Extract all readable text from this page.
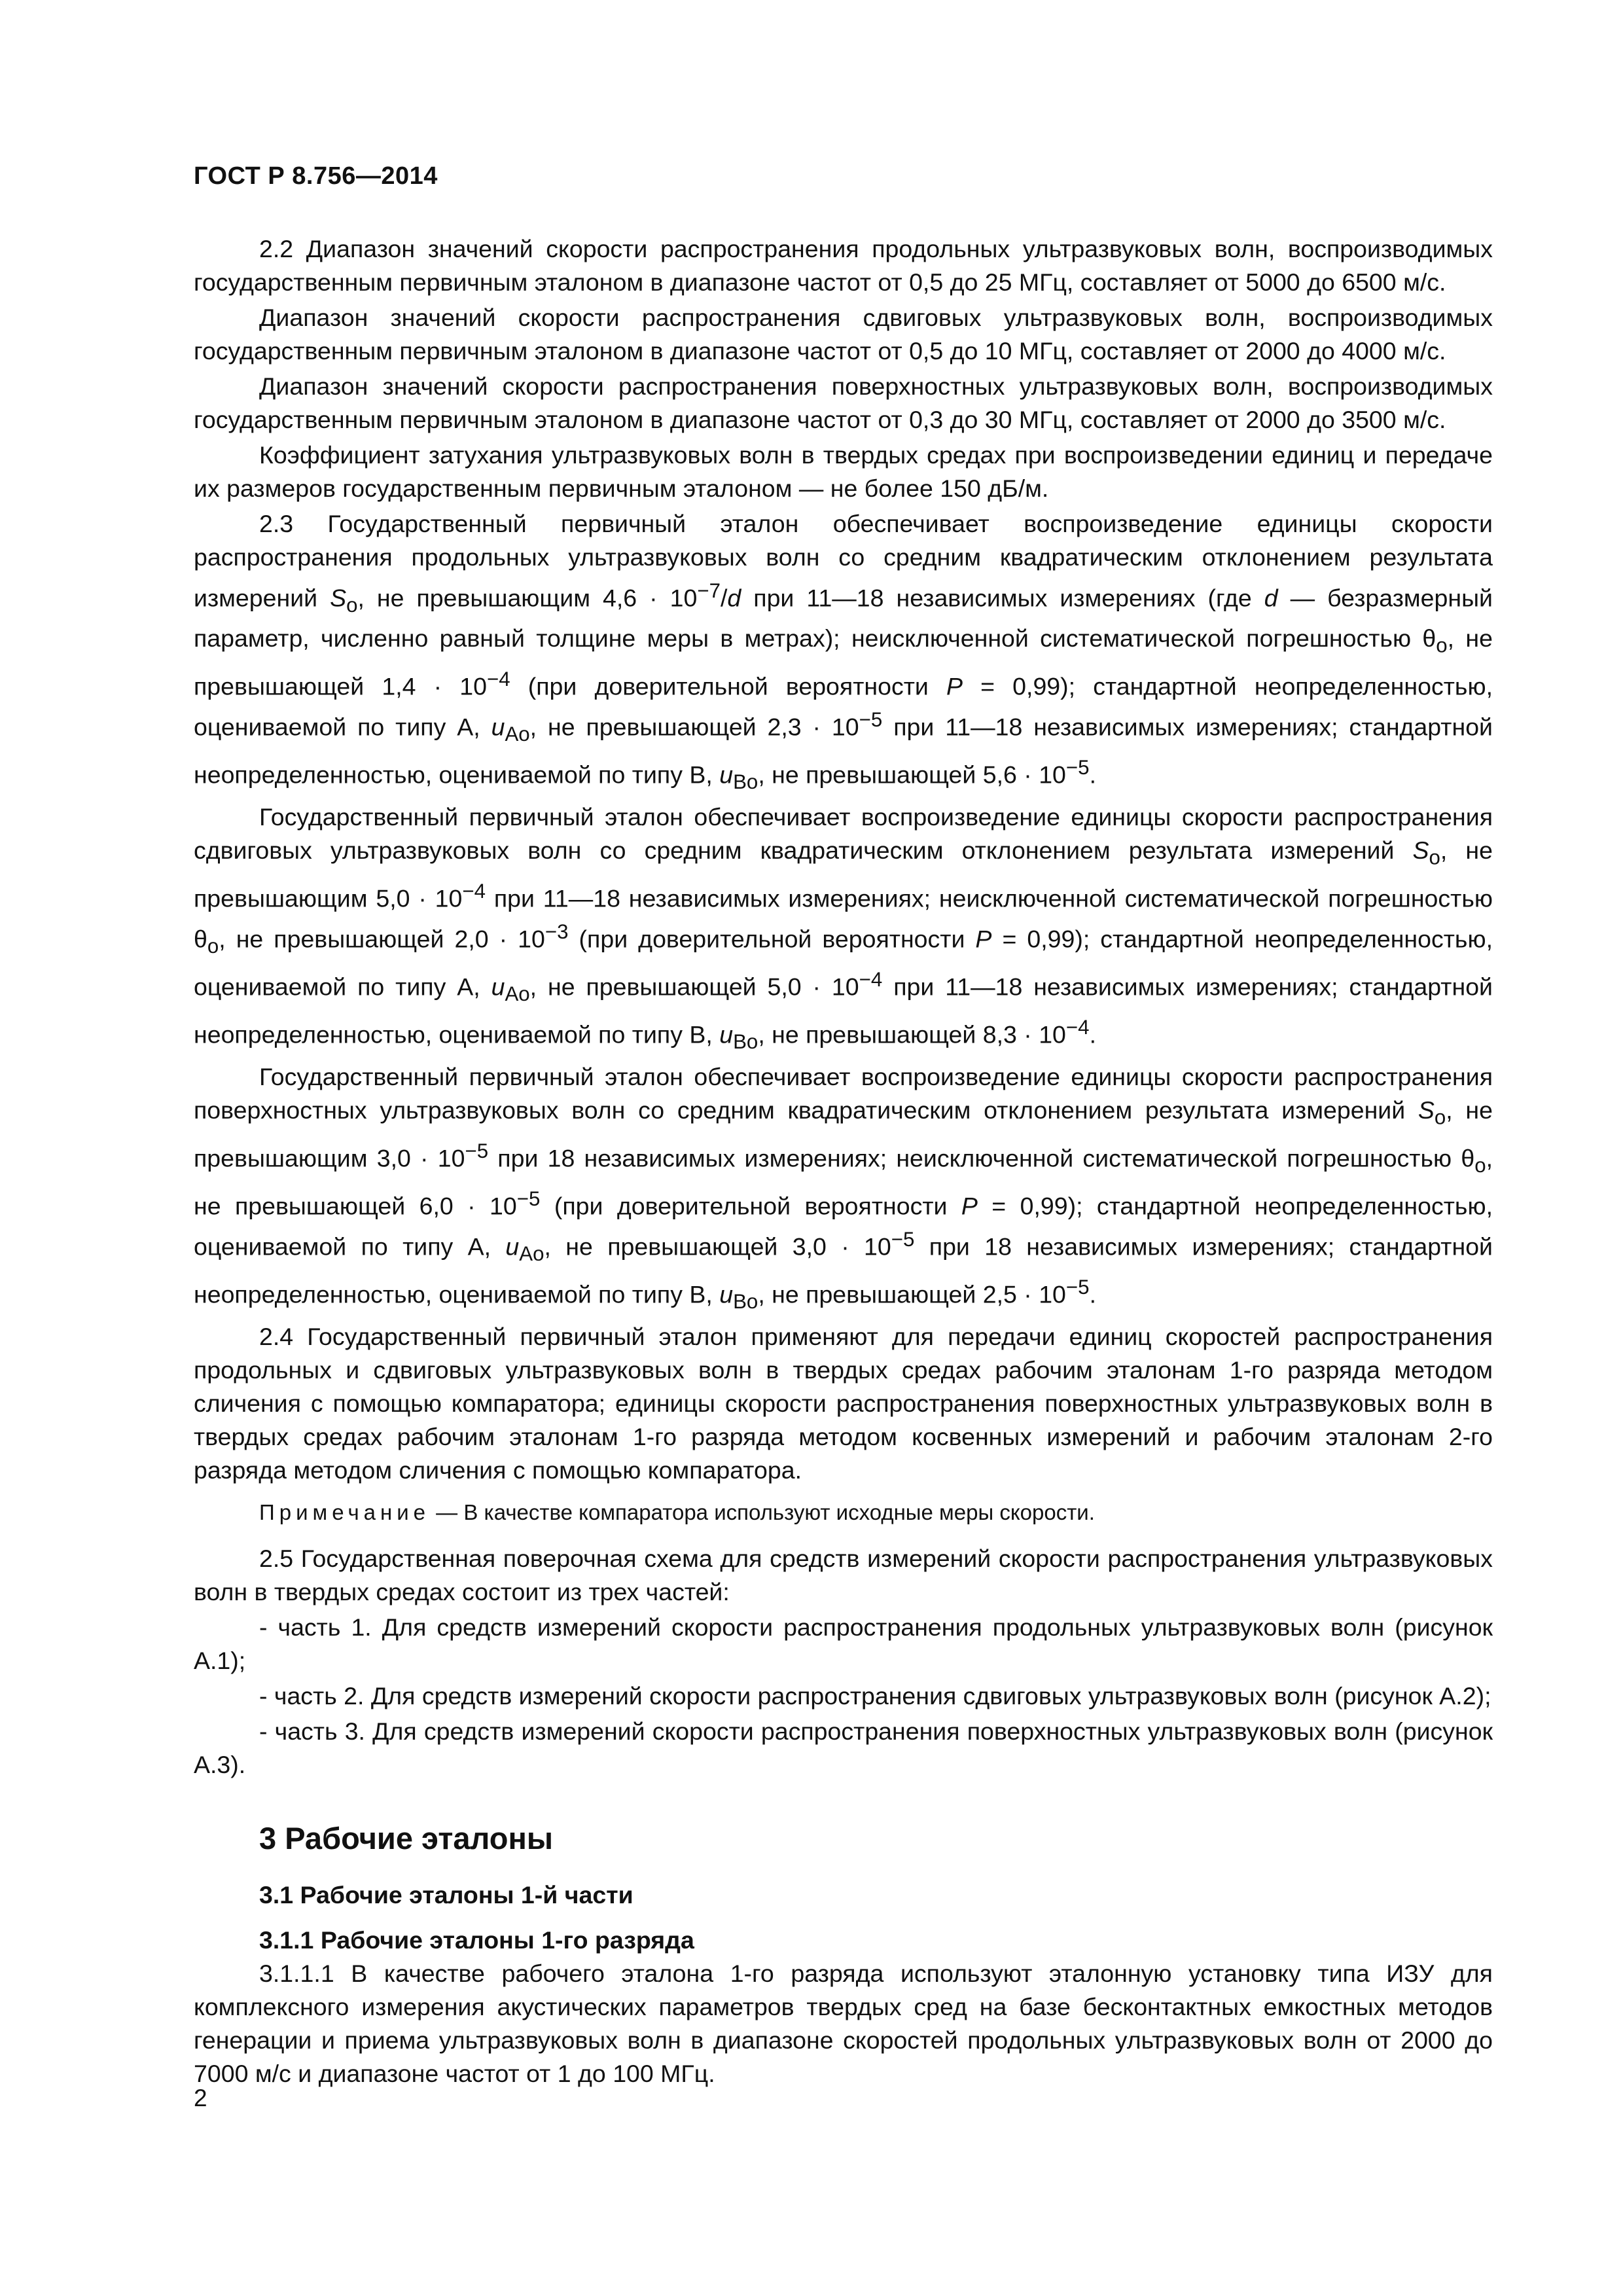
ГОСТ Р 8.756—2014

2.2 Диапазон значений скорости распространения продольных ультразвуковых волн, воспроизводимых государственным первичным эталоном в диапазоне частот от 0,5 до 25 МГц, составляет от 5000 до 6500 м/с.

Диапазон значений скорости распространения сдвиговых ультразвуковых волн, воспроизводимых государственным первичным эталоном в диапазоне частот от 0,5 до 10 МГц, составляет от 2000 до 4000 м/с.

Диапазон значений скорости распространения поверхностных ультразвуковых волн, воспроизводимых государственным первичным эталоном в диапазоне частот от 0,3 до 30 МГц, составляет от 2000 до 3500 м/с.

Коэффициент затухания ультразвуковых волн в твердых средах при воспроизведении единиц и передаче их размеров государственным первичным эталоном — не более 150 дБ/м.

2.3 Государственный первичный эталон обеспечивает воспроизведение единицы скорости распространения продольных ультразвуковых волн со средним квадратическим отклонением результата измерений $S_о$, не превышающим $4,6 \cdot 10^{-7}/d$ при 11—18 независимых измерениях (где d — безразмерный параметр, численно равный толщине меры в метрах); неисключенной систематической погрешностью $\theta_о$, не превышающей $1,4 \cdot 10^{-4}$ (при доверительной вероятности P = 0,99); стандартной неопределенностью, оцениваемой по типу А, $u_{Aо}$, не превышающей $2,3 \cdot 10^{-5}$ при 11—18 независимых измерениях; стандартной неопределенностью, оцениваемой по типу В, $u_{Bо}$, не превышающей $5,6 \cdot 10^{-5}$.

Государственный первичный эталон обеспечивает воспроизведение единицы скорости распространения сдвиговых ультразвуковых волн со средним квадратическим отклонением результата измерений $S_о$, не превышающим $5,0 \cdot 10^{-4}$ при 11—18 независимых измерениях; неисключенной систематической погрешностью $\theta_о$, не превышающей $2,0 \cdot 10^{-3}$ (при доверительной вероятности P = 0,99); стандартной неопределенностью, оцениваемой по типу А, $u_{Aо}$, не превышающей $5,0 \cdot 10^{-4}$ при 11—18 независимых измерениях; стандартной неопределенностью, оцениваемой по типу В, $u_{Bо}$, не превышающей $8,3 \cdot 10^{-4}$.

Государственный первичный эталон обеспечивает воспроизведение единицы скорости распространения поверхностных ультразвуковых волн со средним квадратическим отклонением результата измерений $S_о$, не превышающим $3,0 \cdot 10^{-5}$ при 18 независимых измерениях; неисключенной систематической погрешностью $\theta_о$, не превышающей $6,0 \cdot 10^{-5}$ (при доверительной вероятности P = 0,99); стандартной неопределенностью, оцениваемой по типу А, $u_{Aо}$, не превышающей $3,0 \cdot 10^{-5}$ при 18 независимых измерениях; стандартной неопределенностью, оцениваемой по типу В, $u_{Bо}$, не превышающей $2,5 \cdot 10^{-5}$.

2.4 Государственный первичный эталон применяют для передачи единиц скоростей распространения продольных и сдвиговых ультразвуковых волн в твердых средах рабочим эталонам 1-го разряда методом сличения с помощью компаратора; единицы скорости распространения поверхностных ультразвуковых волн в твердых средах рабочим эталонам 1-го разряда методом косвенных измерений и рабочим эталонам 2-го разряда методом сличения с помощью компаратора.

Примечание — В качестве компаратора используют исходные меры скорости.

2.5 Государственная поверочная схема для средств измерений скорости распространения ультразвуковых волн в твердых средах состоит из трех частей:

- часть 1. Для средств измерений скорости распространения продольных ультразвуковых волн (рисунок А.1);

- часть 2. Для средств измерений скорости распространения сдвиговых ультразвуковых волн (рисунок А.2);

- часть 3. Для средств измерений скорости распространения поверхностных ультразвуковых волн (рисунок А.3).

3 Рабочие эталоны
3.1 Рабочие эталоны 1-й части
3.1.1 Рабочие эталоны 1-го разряда

3.1.1.1 В качестве рабочего эталона 1-го разряда используют эталонную установку типа ИЗУ для комплексного измерения акустических параметров твердых сред на базе бесконтактных емкостных методов генерации и приема ультразвуковых волн в диапазоне скоростей продольных ультразвуковых волн от 2000 до 7000 м/с и диапазоне частот от 1 до 100 МГц.

2
